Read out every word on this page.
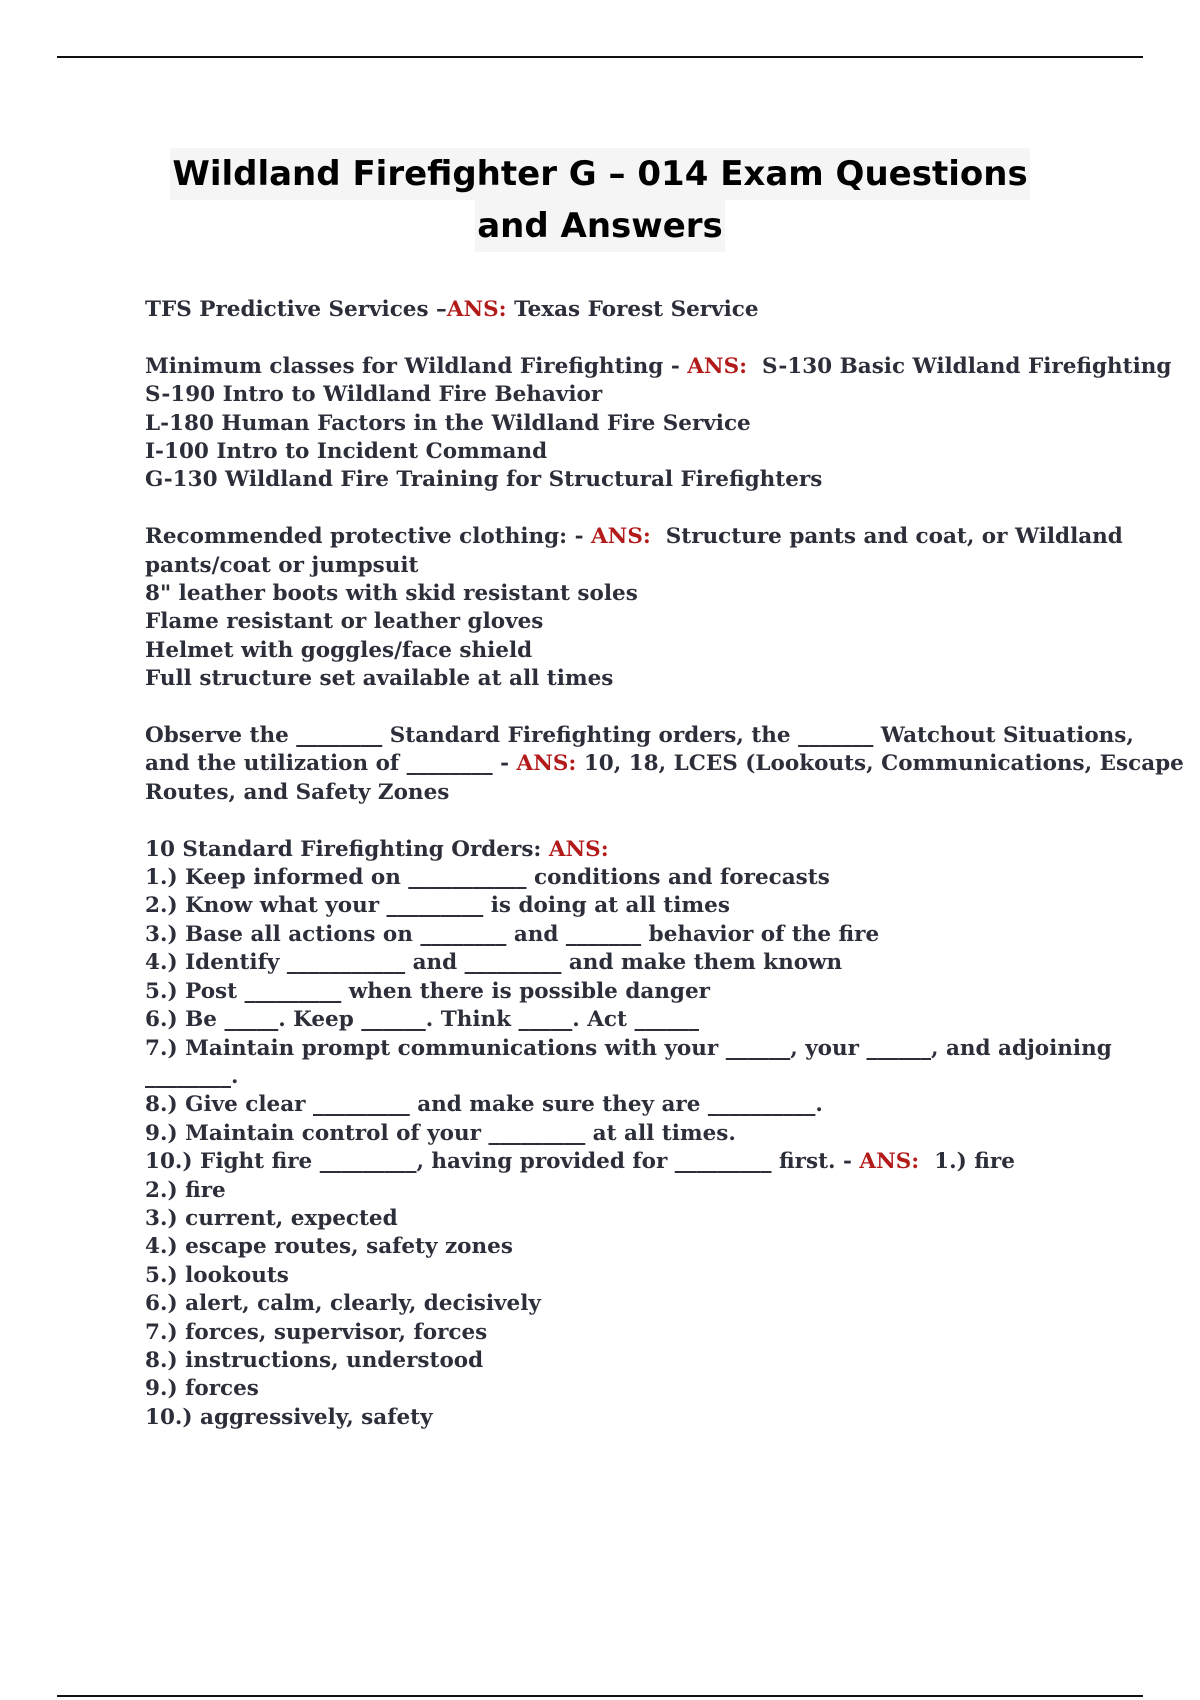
Wildland Firefighter G – 014 Exam Questions
and Answers
TFS Predictive Services –ANS: Texas Forest Service
Minimum classes for Wildland Firefighting - ANS:  S-130 Basic Wildland Firefighting
S-190 Intro to Wildland Fire Behavior
L-180 Human Factors in the Wildland Fire Service
I-100 Intro to Incident Command
G-130 Wildland Fire Training for Structural Firefighters
Recommended protective clothing: - ANS:  Structure pants and coat, or Wildland
pants/coat or jumpsuit
8" leather boots with skid resistant soles
Flame resistant or leather gloves
Helmet with goggles/face shield
Full structure set available at all times
Observe the ________ Standard Firefighting orders, the _______ Watchout Situations,
and the utilization of ________ - ANS: 10, 18, LCES (Lookouts, Communications, Escape
Routes, and Safety Zones
10 Standard Firefighting Orders: ANS:
1.) Keep informed on ___________ conditions and forecasts
2.) Know what your _________ is doing at all times
3.) Base all actions on ________ and _______ behavior of the fire
4.) Identify ___________ and _________ and make them known
5.) Post _________ when there is possible danger
6.) Be _____. Keep ______. Think _____. Act ______
7.) Maintain prompt communications with your ______, your ______, and adjoining
________.
8.) Give clear _________ and make sure they are __________.
9.) Maintain control of your _________ at all times.
10.) Fight fire _________, having provided for _________ first. - ANS:  1.) fire
2.) fire
3.) current, expected
4.) escape routes, safety zones
5.) lookouts
6.) alert, calm, clearly, decisively
7.) forces, supervisor, forces
8.) instructions, understood
9.) forces
10.) aggressively, safety
